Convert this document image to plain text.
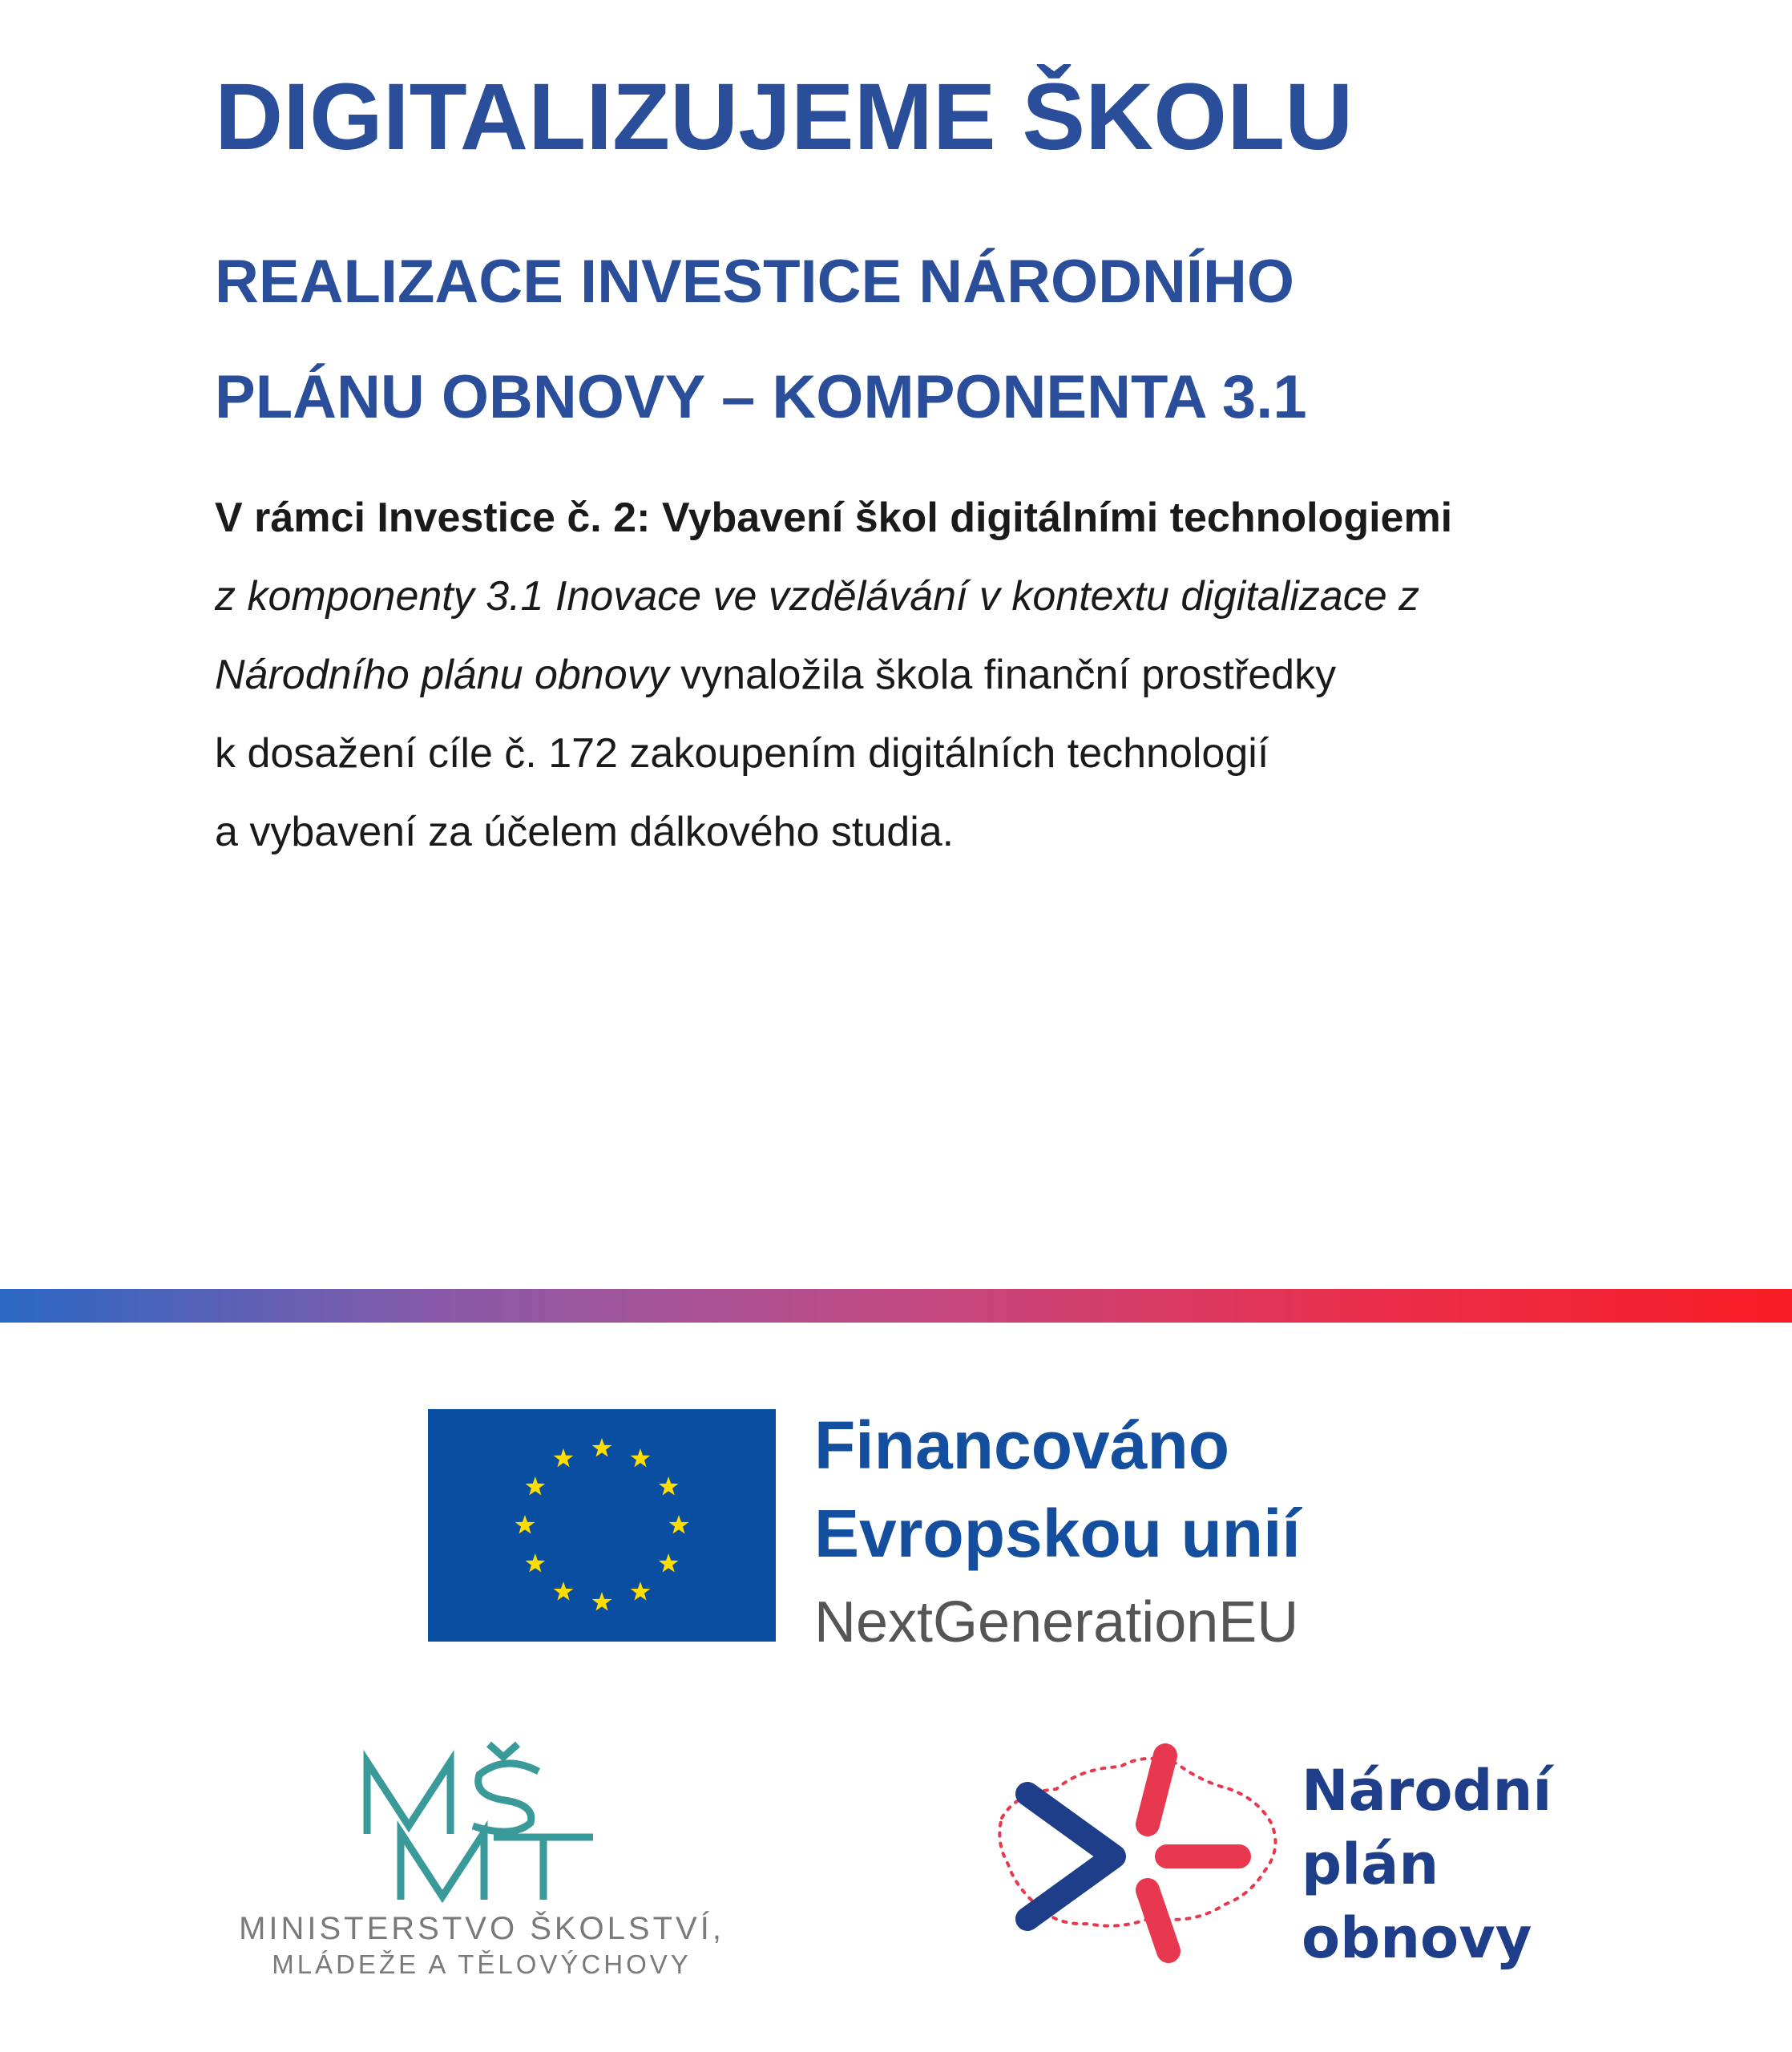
DIGITALIZUJEME ŠKOLU
REALIZACE INVESTICE NÁRODNÍHO
PLÁNU OBNOVY – KOMPONENTA 3.1
V rámci Investice č. 2: Vybavení škol digitálními technologiemi
z komponenty 3.1 Inovace ve vzdělávání v kontextu digitalizace z
Národního plánu obnovy vynaložila škola finanční prostředky
k dosažení cíle č. 172 zakoupením digitálních technologií
a vybavení za účelem dálkového studia.
Financováno
Evropskou unií
NextGenerationEU
MINISTERSTVO ŠKOLSTVÍ,
MLÁDEŽE A TĚLOVÝCHOVY
Národní
plán
obnovy
